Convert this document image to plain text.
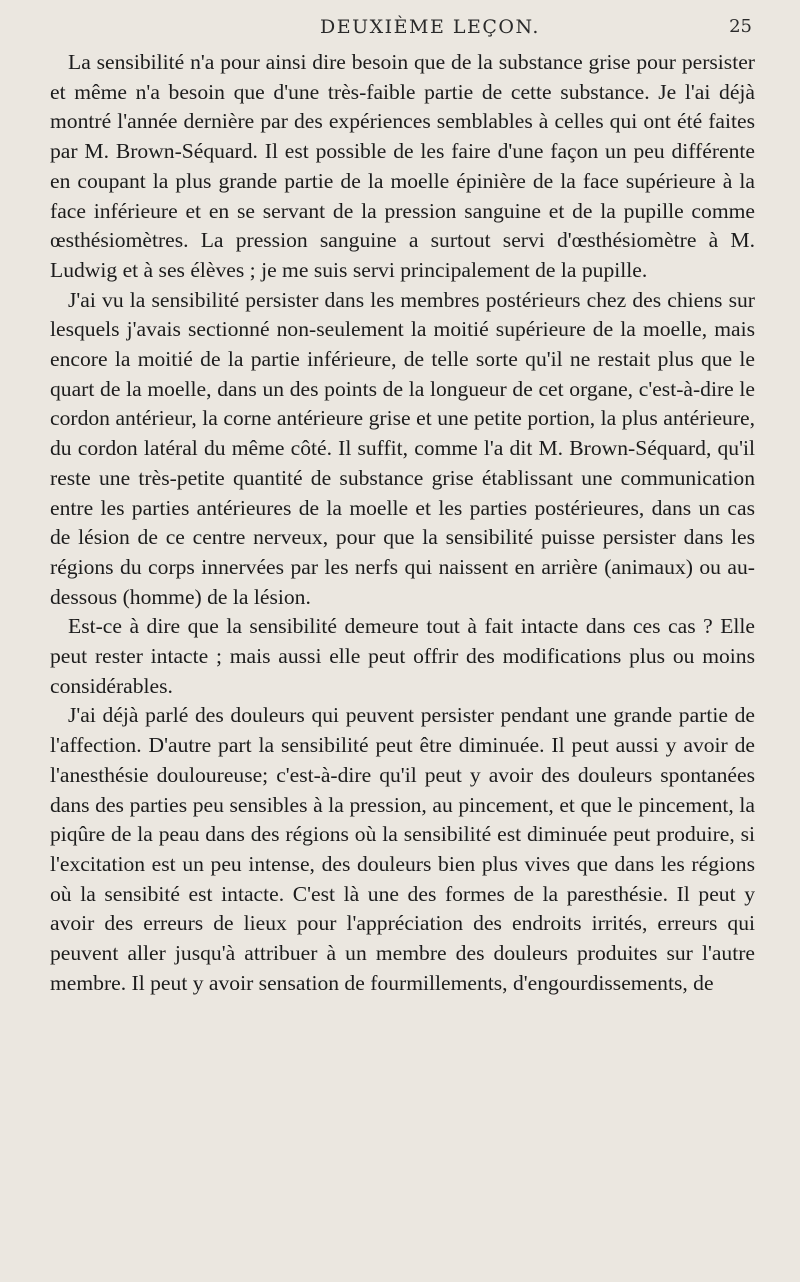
DEUXIÈME LEÇON.	25

La sensibilité n'a pour ainsi dire besoin que de la substance grise pour persister et même n'a besoin que d'une très-faible partie de cette substance. Je l'ai déjà montré l'année dernière par des expériences semblables à celles qui ont été faites par M. Brown-Séquard. Il est possible de les faire d'une façon un peu différente en coupant la plus grande partie de la moelle épinière de la face supérieure à la face inférieure et en se servant de la pression sanguine et de la pupille comme œsthésiomètres. La pression sanguine a surtout servi d'œsthésiomètre à M. Ludwig et à ses élèves ; je me suis servi principalement de la pupille.

J'ai vu la sensibilité persister dans les membres postérieurs chez des chiens sur lesquels j'avais sectionné non-seulement la moitié supérieure de la moelle, mais encore la moitié de la partie inférieure, de telle sorte qu'il ne restait plus que le quart de la moelle, dans un des points de la longueur de cet organe, c'est-à-dire le cordon antérieur, la corne antérieure grise et une petite portion, la plus antérieure, du cordon latéral du même côté. Il suffit, comme l'a dit M. Brown-Séquard, qu'il reste une très-petite quantité de substance grise établissant une communication entre les parties antérieures de la moelle et les parties postérieures, dans un cas de lésion de ce centre nerveux, pour que la sensibilité puisse persister dans les régions du corps innervées par les nerfs qui naissent en arrière (animaux) ou au-dessous (homme) de la lésion.

Est-ce à dire que la sensibilité demeure tout à fait intacte dans ces cas ? Elle peut rester intacte ; mais aussi elle peut offrir des modifications plus ou moins considérables.

J'ai déjà parlé des douleurs qui peuvent persister pendant une grande partie de l'affection. D'autre part la sensibilité peut être diminuée. Il peut aussi y avoir de l'anesthésie douloureuse; c'est-à-dire qu'il peut y avoir des douleurs spontanées dans des parties peu sensibles à la pression, au pincement, et que le pincement, la piqûre de la peau dans des régions où la sensibilité est diminuée peut produire, si l'excitation est un peu intense, des douleurs bien plus vives que dans les régions où la sensibité est intacte. C'est là une des formes de la paresthésie. Il peut y avoir des erreurs de lieux pour l'appréciation des endroits irrités, erreurs qui peuvent aller jusqu'à attribuer à un membre des douleurs produites sur l'autre membre. Il peut y avoir sensation de fourmillements, d'engourdissements, de
